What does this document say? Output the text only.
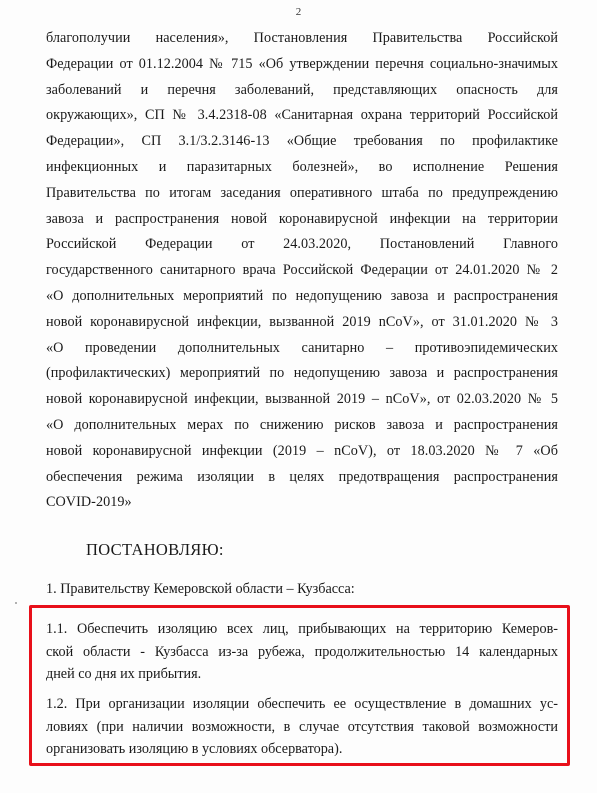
2
благополучии населения», Постановления Правительства Российской
Федерации от 01.12.2004 № 715 «Об утверждении перечня социально-значимых
заболеваний и перечня заболеваний, представляющих опасность для
окружающих», СП № 3.4.2318-08 «Санитарная охрана территорий Российской
Федерации», СП 3.1/3.2.3146-13 «Общие требования по профилактике
инфекционных и паразитарных болезней», во исполнение Решения
Правительства по итогам заседания оперативного штаба по предупреждению
завоза и распространения новой коронавирусной инфекции на территории
Российской Федерации от 24.03.2020, Постановлений Главного
государственного санитарного врача Российской Федерации от 24.01.2020 № 2
«О дополнительных мероприятий по недопущению завоза и распространения
новой коронавирусной инфекции, вызванной 2019 nCoV», от 31.01.2020 № 3
«О проведении дополнительных санитарно – противоэпидемических
(профилактических) мероприятий по недопущению завоза и распространения
новой коронавирусной инфекции, вызванной 2019 – nCoV», от 02.03.2020 № 5
«О дополнительных мерах по снижению рисков завоза и распространения
новой коронавирусной инфекции (2019 – nCoV), от 18.03.2020 № 7 «Об
обеспечения режима изоляции в целях предотвращения распространения
COVID-2019»
ПОСТАНОВЛЯЮ:
1. Правительству Кемеровской области – Кузбасса:
1.1. Обеспечить изоляцию всех лиц, прибывающих на территорию Кемеров-
ской области - Кузбасса из-за рубежа, продолжительностью 14 календарных
дней со дня их прибытия.
1.2. При организации изоляции обеспечить ее осуществление в домашних ус-
ловиях (при наличии возможности, в случае отсутствия таковой возможности
организовать изоляцию в условиях обсерватора).
